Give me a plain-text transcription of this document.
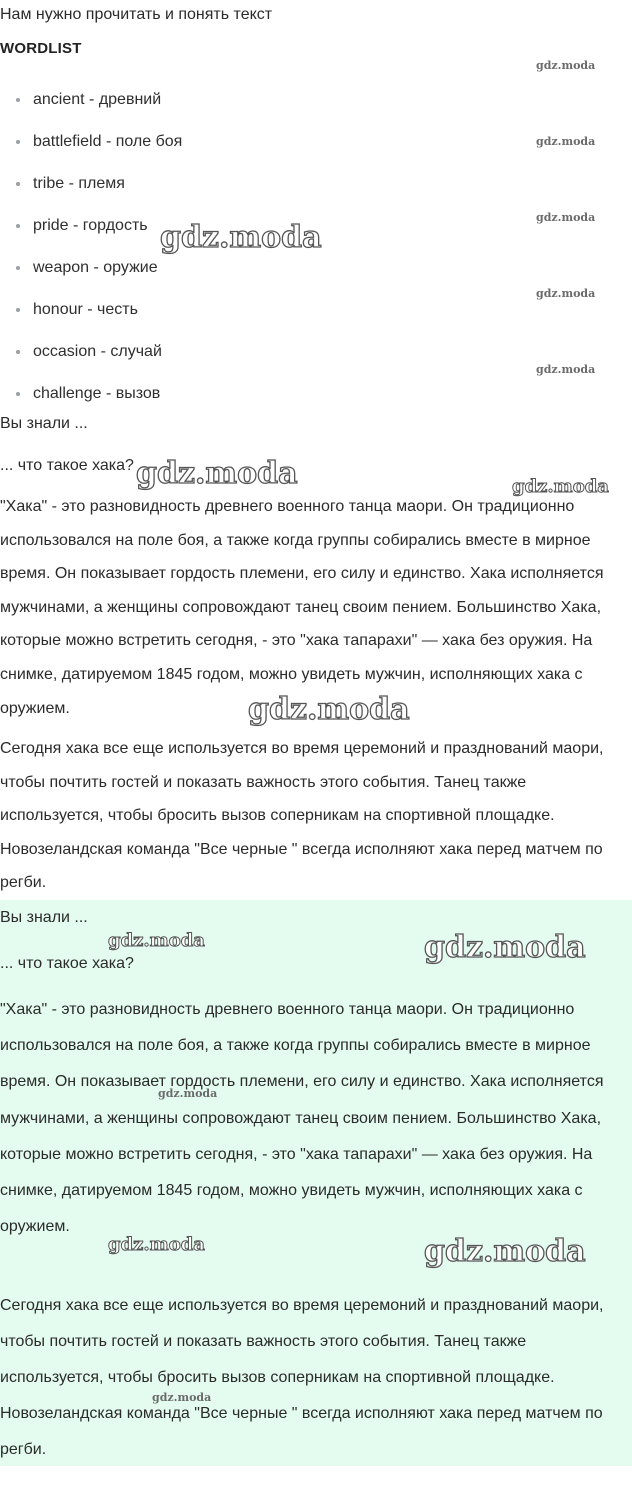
Нам нужно прочитать и понять текст
WORDLIST
ancient - древний
battlefield - поле боя
tribe - племя
pride - гордость
weapon - оружие
honour - честь
occasion - случай
challenge - вызов
Вы знали ...
... что такое хака?

"Хака" - это разновидность древнего военного танца маори. Он традиционно использовался на поле боя, а также когда группы собирались вместе в мирное время. Он показывает гордость племени, его силу и единство. Хака исполняется мужчинами, а женщины сопровождают танец своим пением. Большинство Хака, которые можно встретить сегодня, - это "хака тапарахи" — хака без оружия. На снимке, датируемом 1845 годом, можно увидеть мужчин, исполняющих хака с оружием.

Сегодня хака все еще используется во время церемоний и празднований маори, чтобы почтить гостей и показать важность этого события. Танец также используется, чтобы бросить вызов соперникам на спортивной площадке. Новозеландская команда "Все черные " всегда исполняют хака перед матчем по регби.

Вы знали ...
... что такое хака?

"Хака" - это разновидность древнего военного танца маори. Он традиционно использовался на поле боя, а также когда группы собирались вместе в мирное время. Он показывает гордость племени, его силу и единство. Хака исполняется мужчинами, а женщины сопровождают танец своим пением. Большинство Хака, которые можно встретить сегодня, - это "хака тапарахи" — хака без оружия. На снимке, датируемом 1845 годом, можно увидеть мужчин, исполняющих хака с оружием.

Сегодня хака все еще используется во время церемоний и празднований маори, чтобы почтить гостей и показать важность этого события. Танец также используется, чтобы бросить вызов соперникам на спортивной площадке. Новозеландская команда "Все черные " всегда исполняют хака перед матчем по регби.

gdz.moda
gdz.moda
gdz.moda
gdz.moda
gdz.moda
gdz.moda
gdz.moda	gdz.moda
gdz.moda
gdz.moda	gdz.moda
gdz.moda
gdz.moda	gdz.moda
gdz.moda
